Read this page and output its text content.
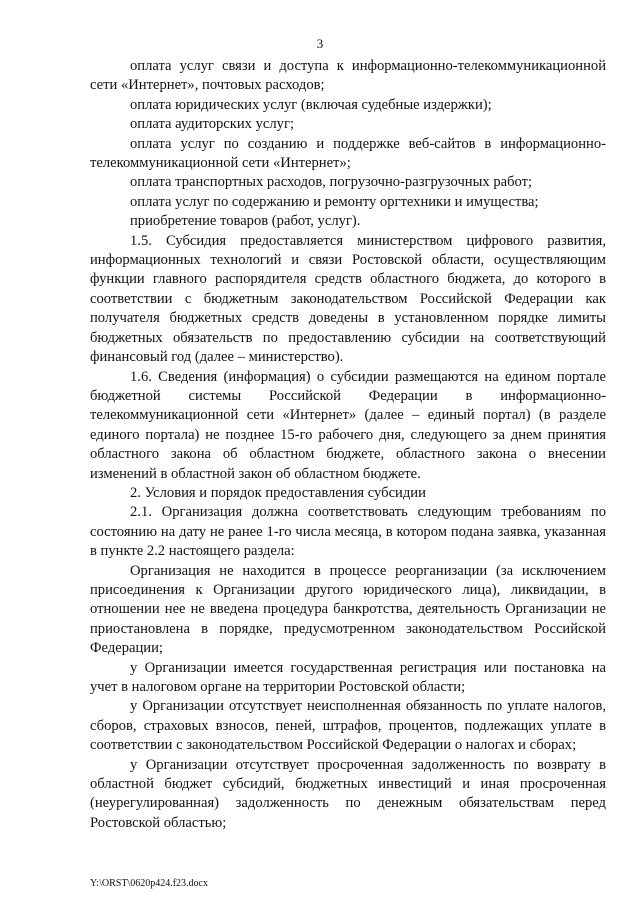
3

оплата услуг связи и доступа к информационно-телекоммуникационной сети «Интернет», почтовых расходов;

оплата юридических услуг (включая судебные издержки);

оплата аудиторских услуг;

оплата услуг по созданию и поддержке веб-сайтов в информационно-телекоммуникационной сети «Интернет»;

оплата транспортных расходов, погрузочно-разгрузочных работ;

оплата услуг по содержанию и ремонту оргтехники и имущества;

приобретение товаров (работ, услуг).

1.5. Субсидия предоставляется министерством цифрового развития, информационных технологий и связи Ростовской области, осуществляющим функции главного распорядителя средств областного бюджета, до которого в соответствии с бюджетным законодательством Российской Федерации как получателя бюджетных средств доведены в установленном порядке лимиты бюджетных обязательств по предоставлению субсидии на соответствующий финансовый год (далее – министерство).

1.6. Сведения (информация) о субсидии размещаются на едином портале бюджетной системы Российской Федерации в информационно-телекоммуникационной сети «Интернет» (далее – единый портал) (в разделе единого портала) не позднее 15-го рабочего дня, следующего за днем принятия областного закона об областном бюджете, областного закона о внесении изменений в областной закон об областном бюджете.

2. Условия и порядок предоставления субсидии

2.1. Организация должна соответствовать следующим требованиям по состоянию на дату не ранее 1-го числа месяца, в котором подана заявка, указанная в пункте 2.2 настоящего раздела:

Организация не находится в процессе реорганизации (за исключением присоединения к Организации другого юридического лица), ликвидации, в отношении нее не введена процедура банкротства, деятельность Организации не приостановлена в порядке, предусмотренном законодательством Российской Федерации;

у Организации имеется государственная регистрация или постановка на учет в налоговом органе на территории Ростовской области;

у Организации отсутствует неисполненная обязанность по уплате налогов, сборов, страховых взносов, пеней, штрафов, процентов, подлежащих уплате в соответствии с законодательством Российской Федерации о налогах и сборах;

у Организации отсутствует просроченная задолженность по возврату в областной бюджет субсидий, бюджетных инвестиций и иная просроченная (неурегулированная) задолженность по денежным обязательствам перед Ростовской областью;

Y:\ORST\0620p424.f23.docx
